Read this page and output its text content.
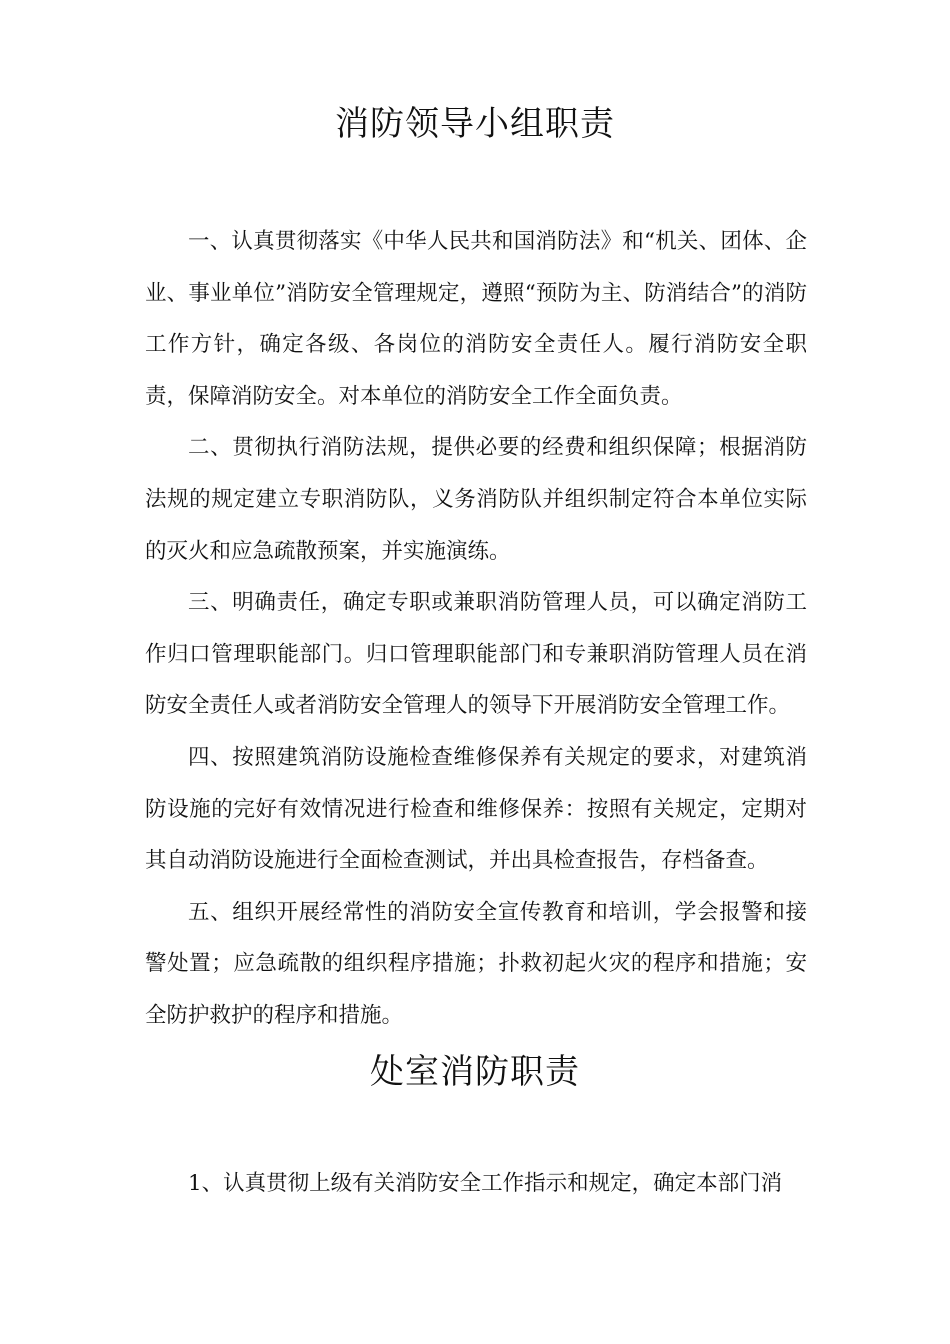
消防领导小组职责

一、认真贯彻落实《中华人民共和国消防法》和“机关、团体、企业、事业单位”消防安全管理规定，遵照“预防为主、防消结合”的消防工作方针，确定各级、各岗位的消防安全责任人。履行消防安全职责，保障消防安全。对本单位的消防安全工作全面负责。

二、贯彻执行消防法规，提供必要的经费和组织保障；根据消防法规的规定建立专职消防队，义务消防队并组织制定符合本单位实际的灭火和应急疏散预案，并实施演练。

三、明确责任，确定专职或兼职消防管理人员，可以确定消防工作归口管理职能部门。归口管理职能部门和专兼职消防管理人员在消防安全责任人或者消防安全管理人的领导下开展消防安全管理工作。

四、按照建筑消防设施检查维修保养有关规定的要求，对建筑消防设施的完好有效情况进行检查和维修保养：按照有关规定，定期对其自动消防设施进行全面检查测试，并出具检查报告，存档备查。

五、组织开展经常性的消防安全宣传教育和培训，学会报警和接警处置；应急疏散的组织程序措施；扑救初起火灾的程序和措施；安全防护救护的程序和措施。

处室消防职责

1、认真贯彻上级有关消防安全工作指示和规定，确定本部门消
